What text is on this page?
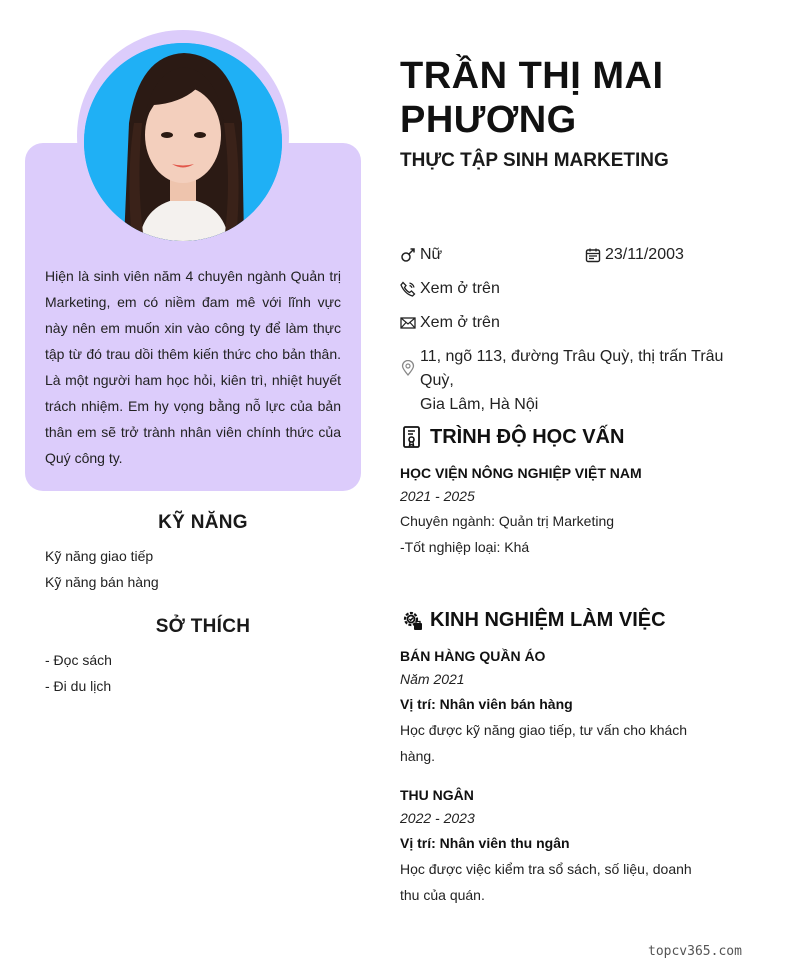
Hiện là sinh viên năm 4 chuyên ngành Quản trị Marketing, em có niềm đam mê với lĩnh vực này nên em muốn xin vào công ty để làm thực tập từ đó trau dồi thêm kiến thức cho bản thân. Là một người ham học hỏi, kiên trì, nhiệt huyết trách nhiệm. Em hy vọng bằng nỗ lực của bản thân em sẽ trở trành nhân viên chính thức của Quý công ty.
KỸ NĂNG
Kỹ năng giao tiếp
Kỹ năng bán hàng
SỞ THÍCH
- Đọc sách
- Đi du lịch
TRẦN THỊ MAI
PHƯƠNG
THỰC TẬP SINH MARKETING
Nữ	23/11/2003
Xem ở trên
Xem ở trên
11, ngõ 113, đường Trâu Quỳ, thị trấn Trâu Quỳ,
Gia Lâm, Hà Nội
TRÌNH ĐỘ HỌC VẤN
HỌC VIỆN NÔNG NGHIỆP VIỆT NAM
2021 - 2025
Chuyên ngành: Quản trị Marketing
-Tốt nghiệp loại: Khá
KINH NGHIỆM LÀM VIỆC
BÁN HÀNG QUẦN ÁO
Năm 2021
Vị trí: Nhân viên bán hàng
Học được kỹ năng giao tiếp, tư vấn cho khách
hàng.
THU NGÂN
2022 - 2023
Vị trí: Nhân viên thu ngân
Học được việc kiểm tra sổ sách, số liệu, doanh
thu của quán.
topcv365.com
